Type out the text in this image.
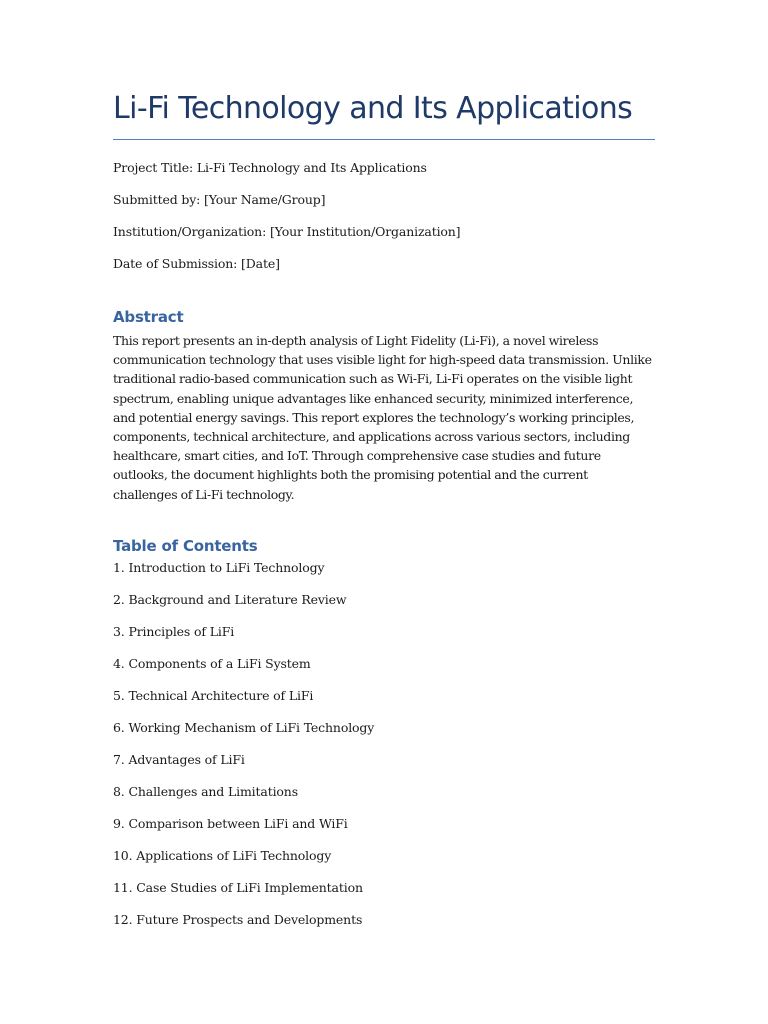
Li-Fi Technology and Its Applications

Project Title: Li-Fi Technology and Its Applications

Submitted by: [Your Name/Group]

Institution/Organization: [Your Institution/Organization]

Date of Submission: [Date]

Abstract

This report presents an in-depth analysis of Light Fidelity (Li-Fi), a novel wireless communication technology that uses visible light for high-speed data transmission. Unlike traditional radio-based communication such as Wi-Fi, Li-Fi operates on the visible light spectrum, enabling unique advantages like enhanced security, minimized interference, and potential energy savings. This report explores the technology’s working principles, components, technical architecture, and applications across various sectors, including healthcare, smart cities, and IoT. Through comprehensive case studies and future outlooks, the document highlights both the promising potential and the current challenges of Li-Fi technology.

Table of Contents
1. Introduction to LiFi Technology
2. Background and Literature Review
3. Principles of LiFi
4. Components of a LiFi System
5. Technical Architecture of LiFi
6. Working Mechanism of LiFi Technology
7. Advantages of LiFi
8. Challenges and Limitations
9. Comparison between LiFi and WiFi
10. Applications of LiFi Technology
11. Case Studies of LiFi Implementation
12. Future Prospects and Developments
